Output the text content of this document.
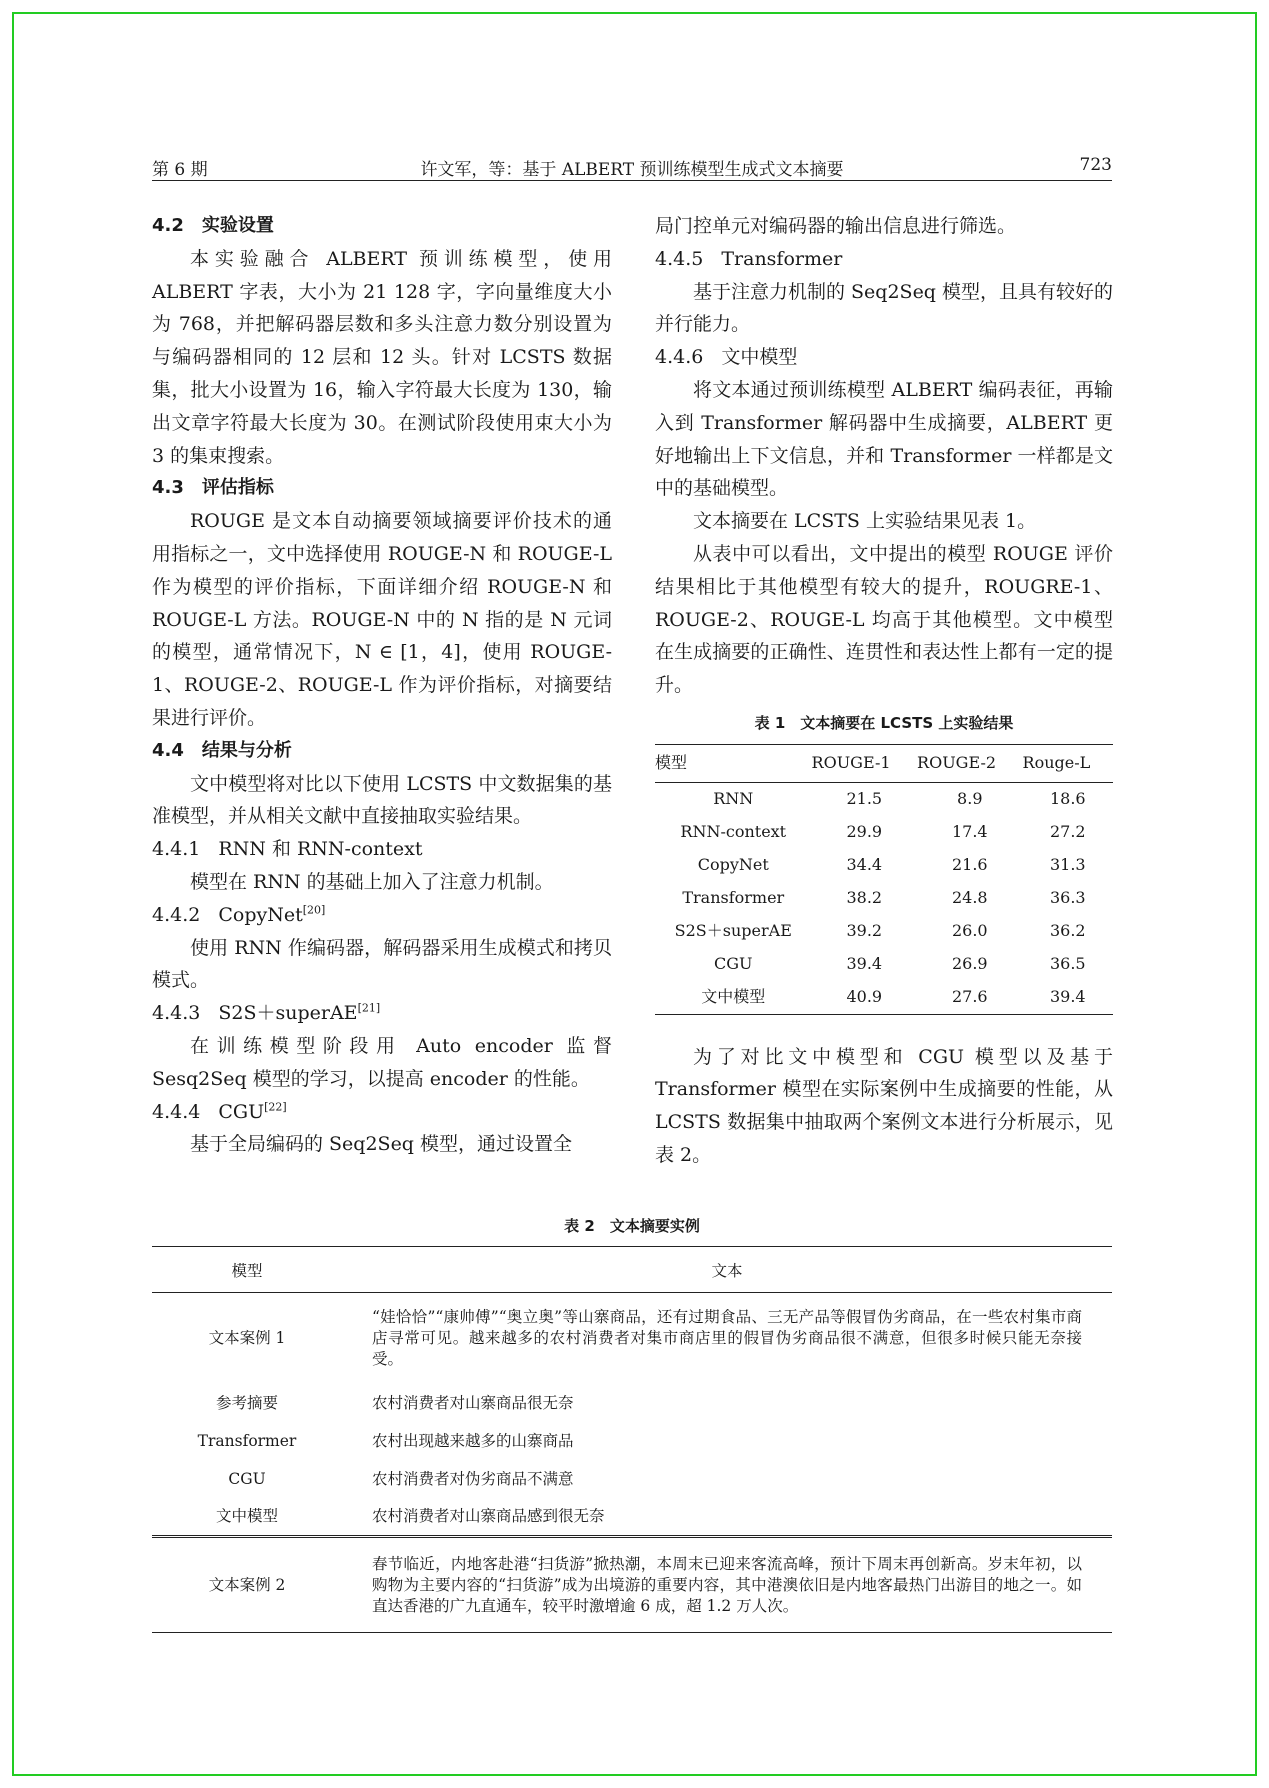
第 6 期	许文军，等：基于 ALBERT 预训练模型生成式文本摘要	723
4.2 实验设置

本实验融合 ALBERT 预训练模型，使用 ALBERT 字表，大小为 21 128 字，字向量维度大小为 768，并把解码器层数和多头注意力数分别设置为与编码器相同的 12 层和 12 头。针对 LCSTS 数据集，批大小设置为 16，输入字符最大长度为 130，输出文章字符最大长度为 30。在测试阶段使用束大小为 3 的集束搜索。

4.3 评估指标

ROUGE 是文本自动摘要领域摘要评价技术的通用指标之一，文中选择使用 ROUGE-N 和 ROUGE-L 作为模型的评价指标，下面详细介绍 ROUGE-N 和 ROUGE-L 方法。ROUGE-N 中的 N 指的是 N 元词的模型，通常情况下，N ∈ [1，4]，使用 ROUGE-1、ROUGE-2、ROUGE-L 作为评价指标，对摘要结果进行评价。

4.4 结果与分析

文中模型将对比以下使用 LCSTS 中文数据集的基准模型，并从相关文献中直接抽取实验结果。

4.4.1 RNN 和 RNN-context

模型在 RNN 的基础上加入了注意力机制。

4.4.2 CopyNet[20]

使用 RNN 作编码器，解码器采用生成模式和拷贝模式。

4.4.3 S2S＋superAE[21]

在训练模型阶段用 Auto encoder 监督 Sesq2Seq 模型的学习，以提高 encoder 的性能。

4.4.4 CGU[22]

基于全局编码的 Seq2Seq 模型，通过设置全

局门控单元对编码器的输出信息进行筛选。

4.4.5 Transformer

基于注意力机制的 Seq2Seq 模型，且具有较好的并行能力。

4.4.6 文中模型

将文本通过预训练模型 ALBERT 编码表征，再输入到 Transformer 解码器中生成摘要，ALBERT 更好地输出上下文信息，并和 Transformer 一样都是文中的基础模型。

文本摘要在 LCSTS 上实验结果见表 1。

从表中可以看出，文中提出的模型 ROUGE 评价结果相比于其他模型有较大的提升，ROUGRE-1、ROUGE-2、ROUGE-L 均高于其他模型。文中模型在生成摘要的正确性、连贯性和表达性上都有一定的提升。

表 1　文本摘要在 LCSTS 上实验结果
模型	ROUGE-1	ROUGE-2	Rouge-L
RNN	21.5	8.9	18.6
RNN-context	29.9	17.4	27.2
CopyNet	34.4	21.6	31.3
Transformer	38.2	24.8	36.3
S2S＋superAE	39.2	26.0	36.2
CGU	39.4	26.9	36.5
文中模型	40.9	27.6	39.4

为了对比文中模型和 CGU 模型以及基于 Transformer 模型在实际案例中生成摘要的性能，从 LCSTS 数据集中抽取两个案例文本进行分析展示，见表 2。

表 2　文本摘要实例
模型	文本
文本案例 1	“娃恰恰”“康帅傅”“奥立奥”等山寨商品，还有过期食品、三无产品等假冒伪劣商品，在一些农村集市商店寻常可见。越来越多的农村消费者对集市商店里的假冒伪劣商品很不满意，但很多时候只能无奈接受。
参考摘要	农村消费者对山寨商品很无奈
Transformer	农村出现越来越多的山寨商品
CGU	农村消费者对伪劣商品不满意
文中模型	农村消费者对山寨商品感到很无奈
文本案例 2	春节临近，内地客赴港“扫货游”掀热潮，本周末已迎来客流高峰，预计下周末再创新高。岁末年初，以购物为主要内容的“扫货游”成为出境游的重要内容，其中港澳依旧是内地客最热门出游目的地之一。如直达香港的广九直通车，较平时激增逾 6 成，超 1.2 万人次。
